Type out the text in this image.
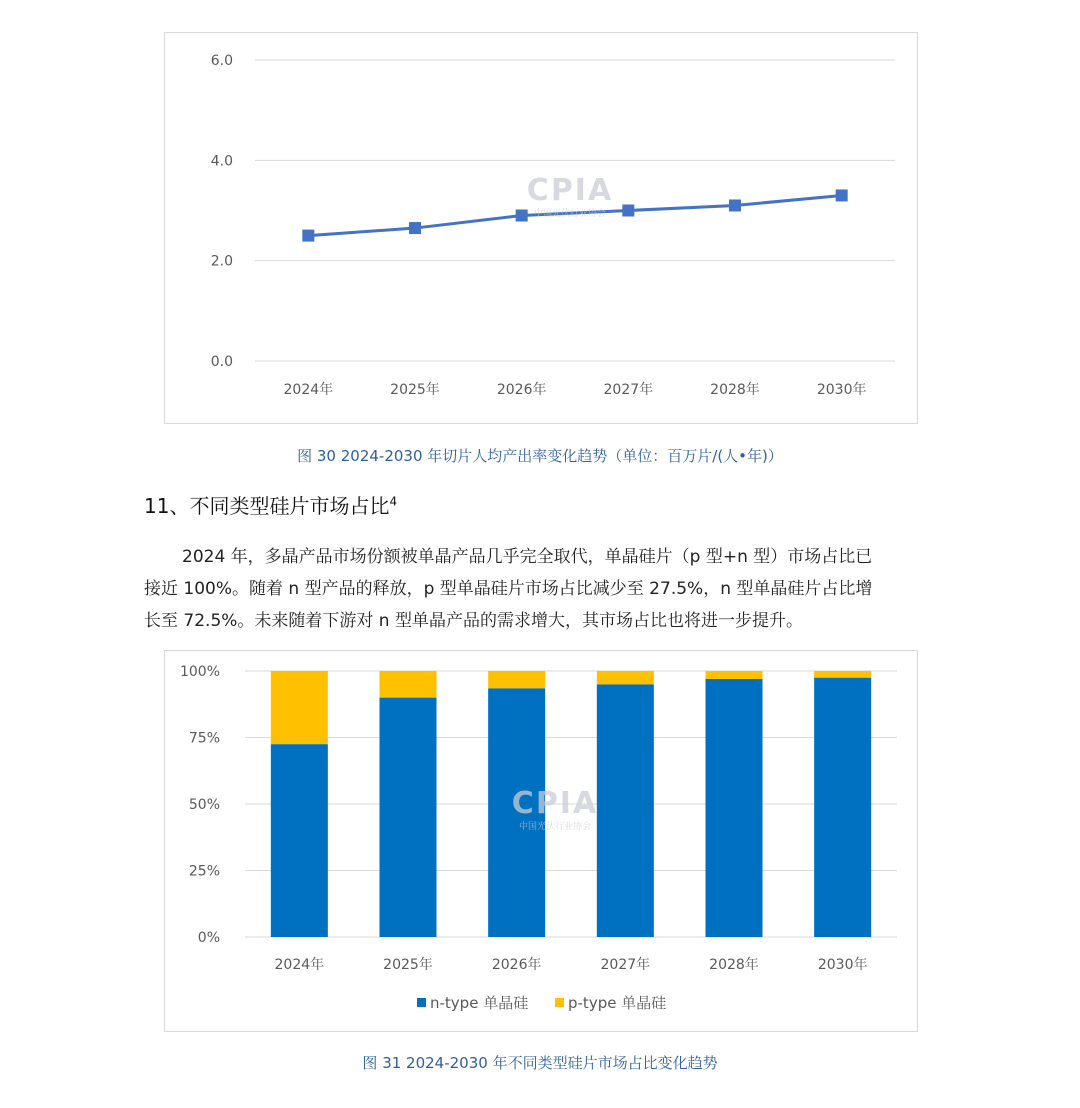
0.0
2.0
4.0
6.0
2024年	2025年	2026年	2027年	2028年	2030年
CPIA
中国光伏行业协会
图 30 2024-2030 年切片人均产出率变化趋势（单位：百万片/(人•年)）
11、不同类型硅片市场占比$^4$
2024 年，多晶产品市场份额被单晶产品几乎完全取代，单晶硅片（p 型+n 型）市场占比已
接近 100%。随着 n 型产品的释放，p 型单晶硅片市场占比减少至 27.5%，n 型单晶硅片占比增
长至 72.5%。未来随着下游对 n 型单晶产品的需求增大，其市场占比也将进一步提升。
0%
25%
50%
75%
100%
2024年	2025年	2026年	2027年	2028年	2030年
n-type 单晶硅	p-type 单晶硅
CPIA
中国光伏行业协会
图 31 2024-2030 年不同类型硅片市场占比变化趋势
